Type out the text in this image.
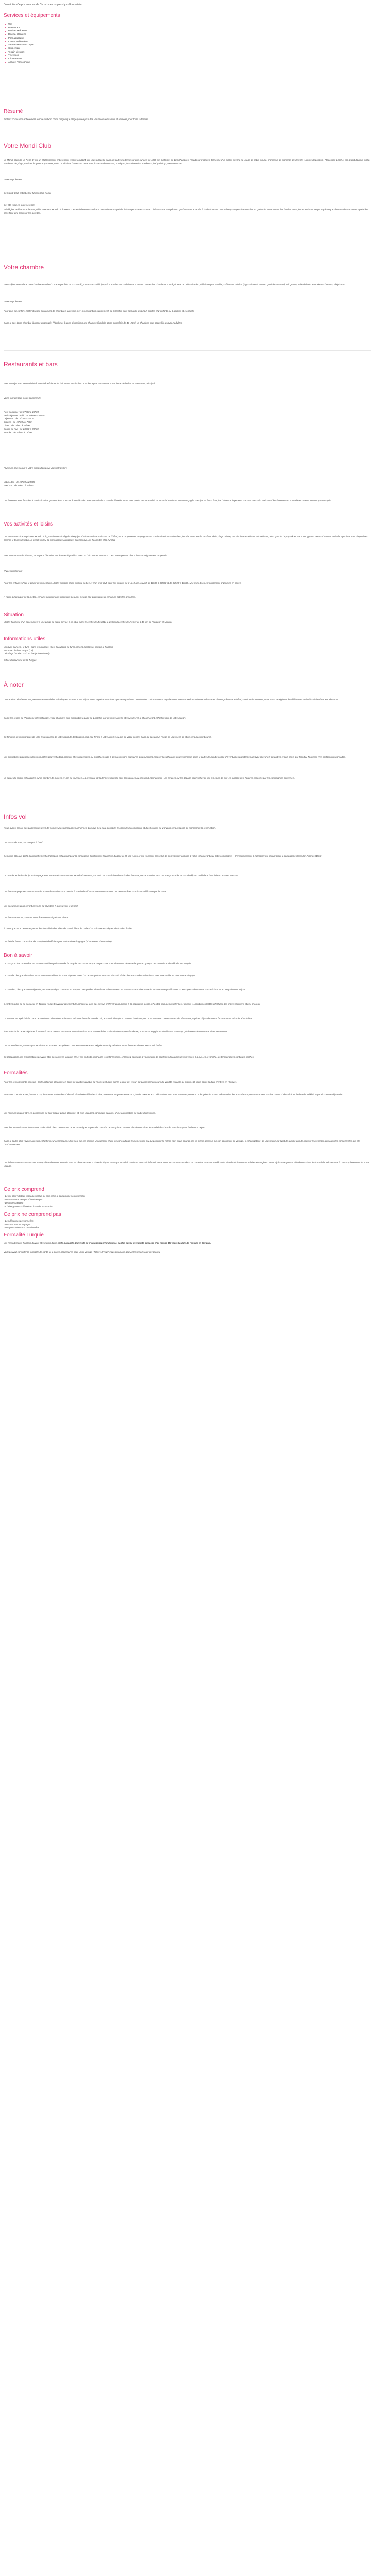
Description Ce prix comprend / Ce prix ne comprend pas Formalités

Services et équipements
Wifi
Restaurant
Piscine extérieure
Piscine intérieure
Parc aquatique
Centre de bien-être
Sauna - Hammam - Spa
Club enfant
Terrain de sport
Télévision
Climatisation
Accueil Francophone
Résumé

Profitez d'un cadre entièrement rénové au bord d'une magnifique plage privée pour des vacances relaxantes et animées pour toute la famille.

Votre Mondi Club

Le Mondi Club SL La Perla 4* est un établissement entièrement rénové en 2024, qui vous accueille dans un cadre moderne sur une surface de 4800 m². Cet hôtel de 135 chambres, réparti sur 3 étages, bénéficie d'un accès direct à sa plage de sable privée, promesse de moments de détente. À votre disposition : Réception 24h/24, wifi gratuit dans le lobby, serviettes de plage, chaises longues et parasols, coin TV, chaises hautes au restaurant, location de voiture*, boutique*, blanchisserie*, médecin*, baby-sitting*, room service*.

*Avec supplément

Ce Mondi Club est labellisé Mondi Club Relax

Cet été vivre en toute sérénité.

Privilégiez la détente et la tranquillité avec nos Mondi Club Relax. Ces établissements offrent une ambiance apaisée, idéale pour se ressourcer. Libérez-vous et régénérez parfaitement adaptée à la destination. Une belle option pour les couples en quête de romantisme, les familles avec jeunes enfants, ou pour quiconque cherche des vacances agréables sans faire une croix sur les activités.

Votre chambre

Vous séjournerez dans une chambre standard d'une superficie de 23-28 m², pouvant accueillir jusqu'à 3 adultes ou 2 adultes et 1 enfant. Toutes les chambres sont équipées de : climatisation, télévision par satellite, coffre-fort, minibar (approvisionné en eau quotidiennement), wifi gratuit, salle de bain avec sèche-cheveux, téléphone*.

*Avec supplément

Pour plus de confort, l'hôtel dispose également de chambres large vue mer moyennant un supplément. La chambre peut accueillir jusqu'à 2 adultes et 2 enfants ou 3 adultes et 1 enfants.

Dans le cas d'une chambre à usage quadruple, l'hôtel met à votre disposition une chambre familiale d'une superficie de 42-45m². La chambre peut accueillir jusqu'à 4 adultes.

Restaurants et bars

Pour un séjour en toute sérénité, vous bénéficierez de la formule tout inclus. Tous les repas sont servis sous forme de buffet au restaurant principal :

Votre formule tout inclus comprend :

Petit-déjeuner : de 07h00 à 10h00
Petit-déjeuner tardif : de 10h00 à 10h30
Déjeuner : de 12h30 à 14h00
Crêpes : de 12h00 à 17h00
Dîner : de 19h00 à 21h00
Soupe de nuit : de 23h30 à 00h30
Snacks : de 12h00 à 16h00

Plusieurs bars seront à votre disposition pour vous rafraîchir :

Lobby Bar : de 10h00 à 23h00
Pool Bar : de 10h00 à 23h00

Les boissons sont fournies à titre indicatif et peuvent être sources à modification avec préavis de la part de l'hôtelier et ne sont que la responsabilité de Mondial Tourisme en soit engagée. Les jus de fruits frais, les boissons importées, certains cocktails mais aussi les boissons en bouteille et canette ne sont pas compris.

Vos activités et loisirs

Les animateurs francophones Mondi Club, parfaitement intégrés à l'équipe d'animation internationale de l'hôtel, vous proposeront un programme d'animation international en journée et en soirée. Profitez de la plage privée, des piscines extérieure et intérieure, ainsi que de l'aquapark et ses 3 toboggans. De nombreuses activités sportives sont disponibles comme le tennis de table, le beach-volley, la gymnastique aquatique, la pétanque, les fléchettes et la zumba.

Pour un moment de détente, en espace bien-être est à votre disposition avec un bain turc et un sauna. Des massages* et des soins* sont également proposés.

*Avec supplément

Pour les enfants : Pour le plaisir de vos enfants, l'hôtel dispose d'une piscine dédiée et d'un mini-club pour les enfants de 3 à 12 ans, ouvert de 10h00 à 12h00 et de 14h00 à 17h00. Une mini-disco est également organisée en soirée.

À noter qu'au cœur de la météo, certains équipements extérieurs peuvent ne pas être praticables et certaines activités annulées.

Situation

L'hôtel bénéficie d'un accès direct à une plage de sable privée. Il se situe dans le centre de Belddibi, à 15 km du centre de Kemer et à 45 km de l'aéroport d'Antalya.

Informations utiles
Langues parlées : le turc - dans les grandes villes, beaucoup de turcs parlent l'anglais et parfois le français.
Monnaie : la livre turque (LT)
Décalage horaire : +1h en été (+2h en hiver)
Office du tourisme de la Turquie
À noter

Un transfert aller/retour est prévu entre votre hôtel et l'aéroport. Durant votre séjour, votre représentant francophone organisera une réunion d'information à laquelle nous vous conseillons vivement d'assister. Il vous présentera l'hôtel, son fonctionnement, mais aussi la région et les différentes activités à faire dans les alentours.

Selon les règles de l'hôtellerie internationale, votre chambre sera disponible à partir de 14h00 le jour de votre arrivée et vous devrez la libérer avant 12h00 le jour de votre départ.

En fonction de vos horaires de vols, le restaurant de votre hôtel de destination peut être fermé à votre arrivée ou lors de votre départ. Dans ce cas aucun repas ne vous sera dû et ne sera pas remboursé.

Les prestations proposées dans nos hôtels peuvent à tout moment être suspendues ou modifiées suite à des restrictions sanitaires qui pourraient imposer les différents gouvernements dans le cadre de la lutte contre d'éventuelles pandémies (de type Covid-19) ou autres et cela sans que Mondial Tourisme n'en soit tenu responsable.

La durée du séjour est calculée sur le nombre de nuitées et non de journées. La première et la dernière journée sont consacrées au transport international. Les arrivées ou les départs pourront avoir lieu en cours de nuit en fonction des horaires imposés par les compagnies aériennes.

Infos vol

Nous avons conclu des partenariats avec de nombreuses compagnies aériennes. Lorsque cela sera possible, le choix de la compagnie et des horaires de vol vous sera proposé au moment de la réservation.

Les repas de sont pas compris à bord.

Depuis le 26 Mars 2023, l'enregistrement à l'aéroport est payant pour la compagnie SunExpress (franchise bagage et 20 kg) : Ainsi, il est vivement conseillé de s'enregistrer en ligne à votre vol en ayant par cette compagnie. – L'enregistrement à l'aéroport est payant pour la compagnie Corendon Airlines (15kg)

Le premier et le dernier jour du voyage sont consacrés au transport. Mondial Tourisme, imposé par la maîtrise du choix des horaires, ne saurait être tenu pour responsable en cas de départ tardif dans la soirée ou arrivée matinale.

Les horaires proposés au moment de votre réservation sont donnés à titre indicatif et sont non contractuels. Ils peuvent être soumis à modification par la suite.

Les documents vous seront envoyés au plus tard 7 jours avant le départ.

Les horaires retour pourront vous être communiqués sur place.

À noter que vous devez respecter les formalités des villes de transit (dans le cadre d'un vol avec escale) et destination finale.

Les bébés (entre 0 et moins de 2 ans) ne bénéficient pas de franchise bagages (ni en soute ni en cabine).

Bon à savoir

Le passport des mosquées est recommandé en présence de la Turquie, un certain temps de parcours. Les chasseurs de cette langue en groupe des Turquie et des détails en Turquie.

Le paradis des grandes villes. Nous vous conseillons de vous déplacer avec l'un de nos guides en toute sécurité. Évitez les sacs à dos volumineux pour une meilleure découverte du pays.

La parution, bien que non obligatoire, est une pratique courante en Turquie. Les guides, chauffeurs et bus ou encore serveurs seront heureux de recevoir une gratification, si leurs prestations vous ont satisfait tout au long de votre séjour.

Il est très facile de se déplacer en Turquie : vous trouverez aisément de nombreux taxis ou, si vous préférez vous joindre à la population locale, n'hésitez pas à emprunter les « dolmus », minibus collectifs effectuant des trajets réguliers et peu onéreux.

La Turquie est spécialisée dans de nombreux domaines artisanaux tels que la confection de cuir, le travail du tapis ou encore la céramique. Vous trouverez toutes sortes de vêtements, tapis et objets de bonne facture à des prix très abordables.

Il est très facile de se déplacer à Istanbul. Vous pouvez emprunter un taxi mais si vous voulez éviter la circulation turque très dense, nous vous suggérons d'utiliser le tramway, qui dessert de nombreux sites touristiques.

Les mosquées ne peuvent pas se visiter au moment des prières. Une tenue correcte est exigée avant d'y pénétrer, et les femmes doivent se couvrir la tête.

En Cappadoce, les températures peuvent être très élevées en plein été et les endroits ombragés y sont très rares. N'hésitez donc pas à vous munir de bouteilles d'eau lors de vos visites. La nuit, en revanche, les températures sont plus fraîches.

Formalités

Pour les ressortissants français : carte nationale d'identité en cours de validité (valable au moins 150 jours après la date de retour) ou passeport en cours de validité (valable au moins 150 jours après la date d'entrée en Turquie).

Attention : Depuis le 1er janvier 2014, les cartes nationales d'identité sécurisées délivrées à des personnes majeures entre le 2 janvier 2004 et le 31 décembre 2013 sont automatiquement prolongées de 5 ans. Néanmoins, les autorités turques n'acceptent pas les cartes d'identité dont la date de validité apparaît comme dépassée.

Les mineurs doivent être en possession de leur propre pièce d'identité, et, s'ils voyagent sans leurs parents, d'une autorisation de sortie du territoire.

Pour les ressortissants d'une autre nationalité : il est nécessaire de se renseigner auprès du consulat de Turquie en France afin de connaître les modalités d'entrée dans le pays et la date du départ.

Dans le cadre d'un voyage avec un enfant mineur accompagné d'un seul de ses parents uniquement et qui ne porterait pas le même nom, ou qui porterait le même nom mais n'aurait pas le même adresse sur son document de voyage, il est obligatoire de vous munir du livret de famille afin de pouvoir le présenter aux autorités compétentes lors de l'embarquement.

Les informations ci-dessus sont susceptibles d'évoluer entre la date de réservation et la date de départ sans que Mondial Tourisme n'en soit informé. Nous vous recommandons donc de consulter avant votre départ le site du ministère des Affaires étrangères : www.diplomatie.gouv.fr afin de connaître les formalités nécessaires à l'accomplissement de votre voyage.

Ce prix comprend
- Le vol aller / Retour (bagages inclus ou non selon la compagnie sélectionnée)
- Les transferts aéroport/hôtel/aéroport
- Les taxes aéroport
- L'hébergement à l'hôtel en formule "tout inclus"
Ce prix ne comprend pas
- Les dépenses personnelles
- Les assurances voyages
- Les prestations non mentionnées
Formalité Turquie

Les ressortissants français doivent être munis d'une carte nationale d'identité ou d'un passeport individuel dont la durée de validité dépasse d'au moins 150 jours la date de l'entrée en Turquie.

Voici pouvez consulter la formalité de santé et la police nécessaires pour votre voyage : https%3A%2Fwww.diplomatie.gouv.fr/fr/conseils-aux-voyageurs/
